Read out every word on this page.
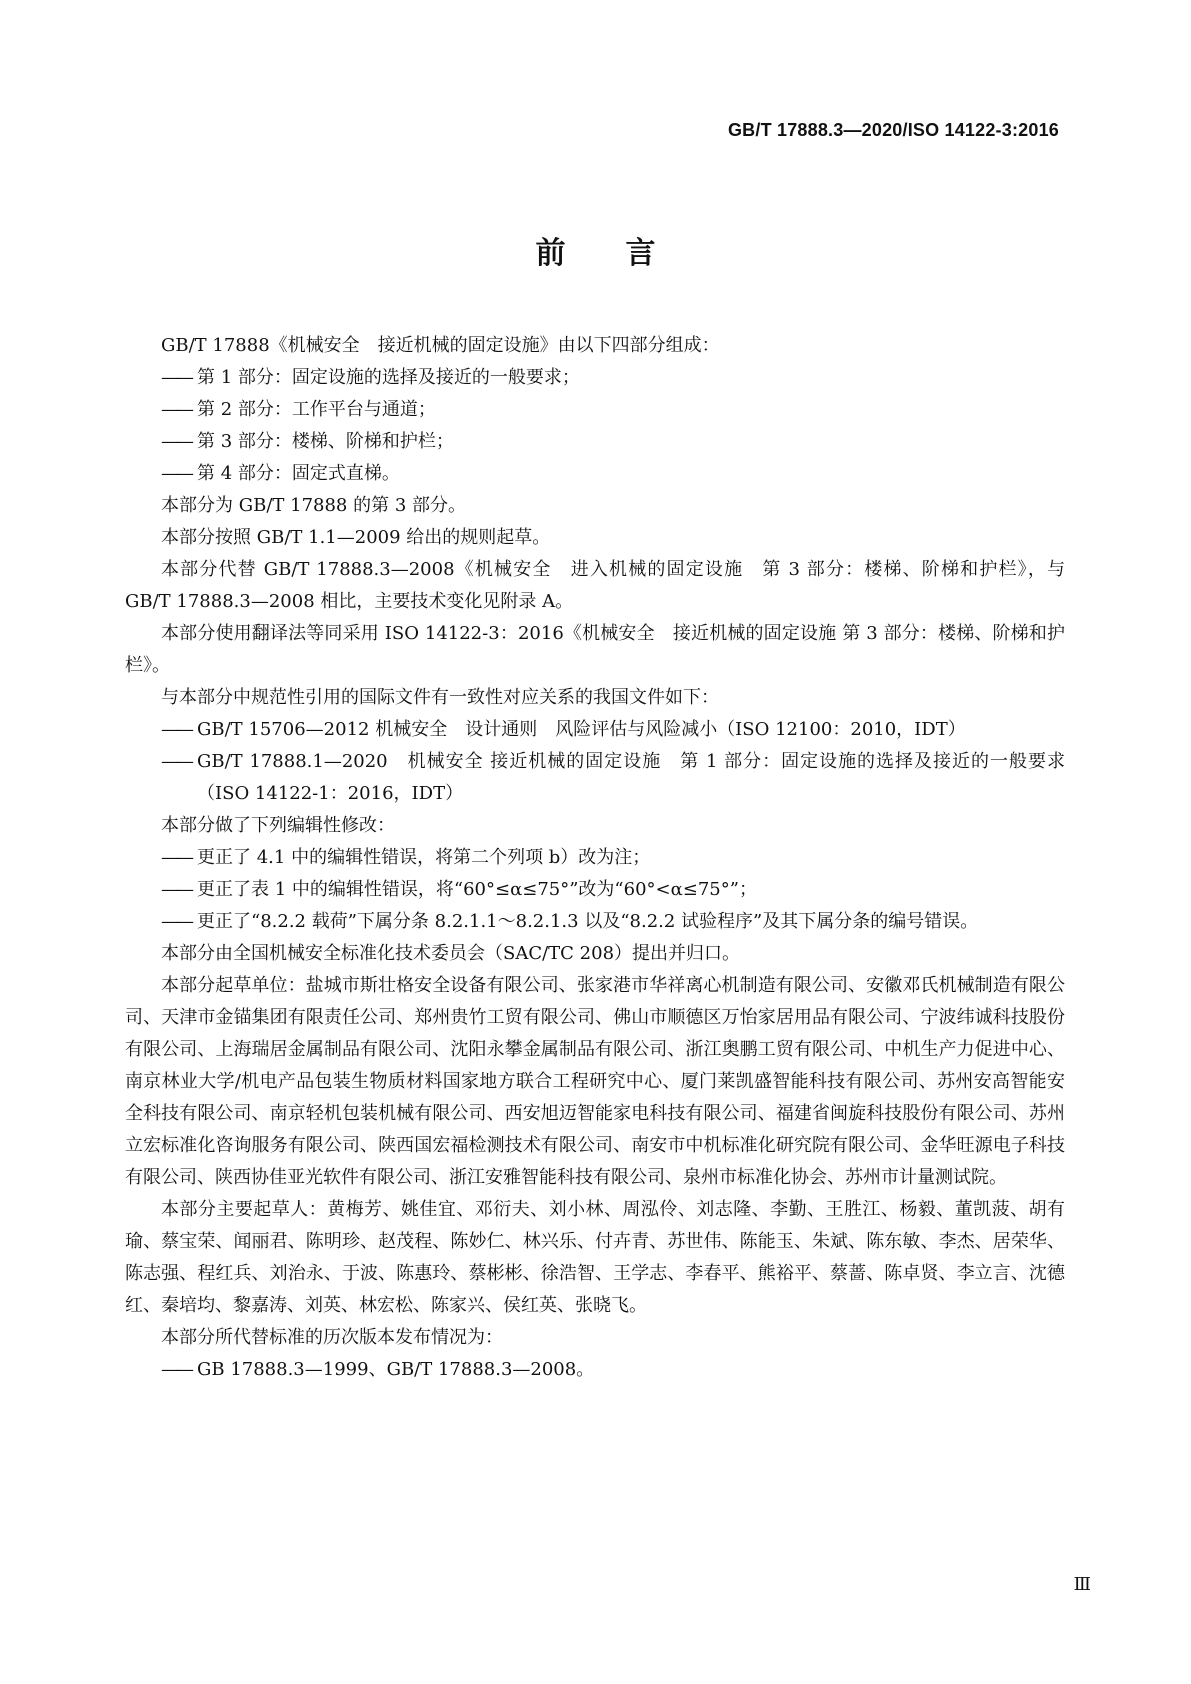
GB/T 17888.3—2020/ISO 14122-3:2016
前 言

GB/T 17888《机械安全　接近机械的固定设施》由以下四部分组成：

—— 第 1 部分：固定设施的选择及接近的一般要求；

—— 第 2 部分：工作平台与通道；

—— 第 3 部分：楼梯、阶梯和护栏；

—— 第 4 部分：固定式直梯。

本部分为 GB/T 17888 的第 3 部分。

本部分按照 GB/T 1.1—2009 给出的规则起草。

本部分代替 GB/T 17888.3—2008《机械安全　进入机械的固定设施　第 3 部分：楼梯、阶梯和护栏》，与 GB/T 17888.3—2008 相比，主要技术变化见附录 A。

本部分使用翻译法等同采用 ISO 14122-3：2016《机械安全　接近机械的固定设施 第 3 部分：楼梯、阶梯和护栏》。

与本部分中规范性引用的国际文件有一致性对应关系的我国文件如下：

—— GB/T 15706—2012 机械安全　设计通则　风险评估与风险减小（ISO 12100：2010，IDT）

—— GB/T 17888.1—2020　机械安全 接近机械的固定设施　第 1 部分：固定设施的选择及接近的一般要求（ISO 14122-1：2016，IDT）

本部分做了下列编辑性修改：

—— 更正了 4.1 中的编辑性错误，将第二个列项 b）改为注；

—— 更正了表 1 中的编辑性错误，将“60°≤α≤75°”改为“60°<α≤75°”；

—— 更正了“8.2.2 载荷”下属分条 8.2.1.1～8.2.1.3 以及“8.2.2 试验程序”及其下属分条的编号错误。

本部分由全国机械安全标准化技术委员会（SAC/TC 208）提出并归口。

本部分起草单位：盐城市斯壮格安全设备有限公司、张家港市华祥离心机制造有限公司、安徽邓氏机械制造有限公司、天津市金锚集团有限责任公司、郑州贵竹工贸有限公司、佛山市顺德区万怡家居用品有限公司、宁波纬诚科技股份有限公司、上海瑞居金属制品有限公司、沈阳永攀金属制品有限公司、浙江奥鹏工贸有限公司、中机生产力促进中心、南京林业大学/机电产品包装生物质材料国家地方联合工程研究中心、厦门莱凯盛智能科技有限公司、苏州安高智能安全科技有限公司、南京轻机包装机械有限公司、西安旭迈智能家电科技有限公司、福建省闽旋科技股份有限公司、苏州立宏标准化咨询服务有限公司、陕西国宏福检测技术有限公司、南安市中机标准化研究院有限公司、金华旺源电子科技有限公司、陕西协佳亚光软件有限公司、浙江安雅智能科技有限公司、泉州市标准化协会、苏州市计量测试院。

本部分主要起草人：黄梅芳、姚佳宜、邓衍夫、刘小林、周泓伶、刘志隆、李勤、王胜江、杨毅、董凯菠、胡有瑜、蔡宝荣、闻丽君、陈明珍、赵茂程、陈妙仁、林兴乐、付卉青、苏世伟、陈能玉、朱斌、陈东敏、李杰、居荣华、陈志强、程红兵、刘治永、于波、陈惠玲、蔡彬彬、徐浩智、王学志、李春平、熊裕平、蔡蔷、陈卓贤、李立言、沈德红、秦培均、黎嘉涛、刘英、林宏松、陈家兴、侯红英、张晓飞。

本部分所代替标准的历次版本发布情况为：

—— GB 17888.3—1999、GB/T 17888.3—2008。

Ⅲ
